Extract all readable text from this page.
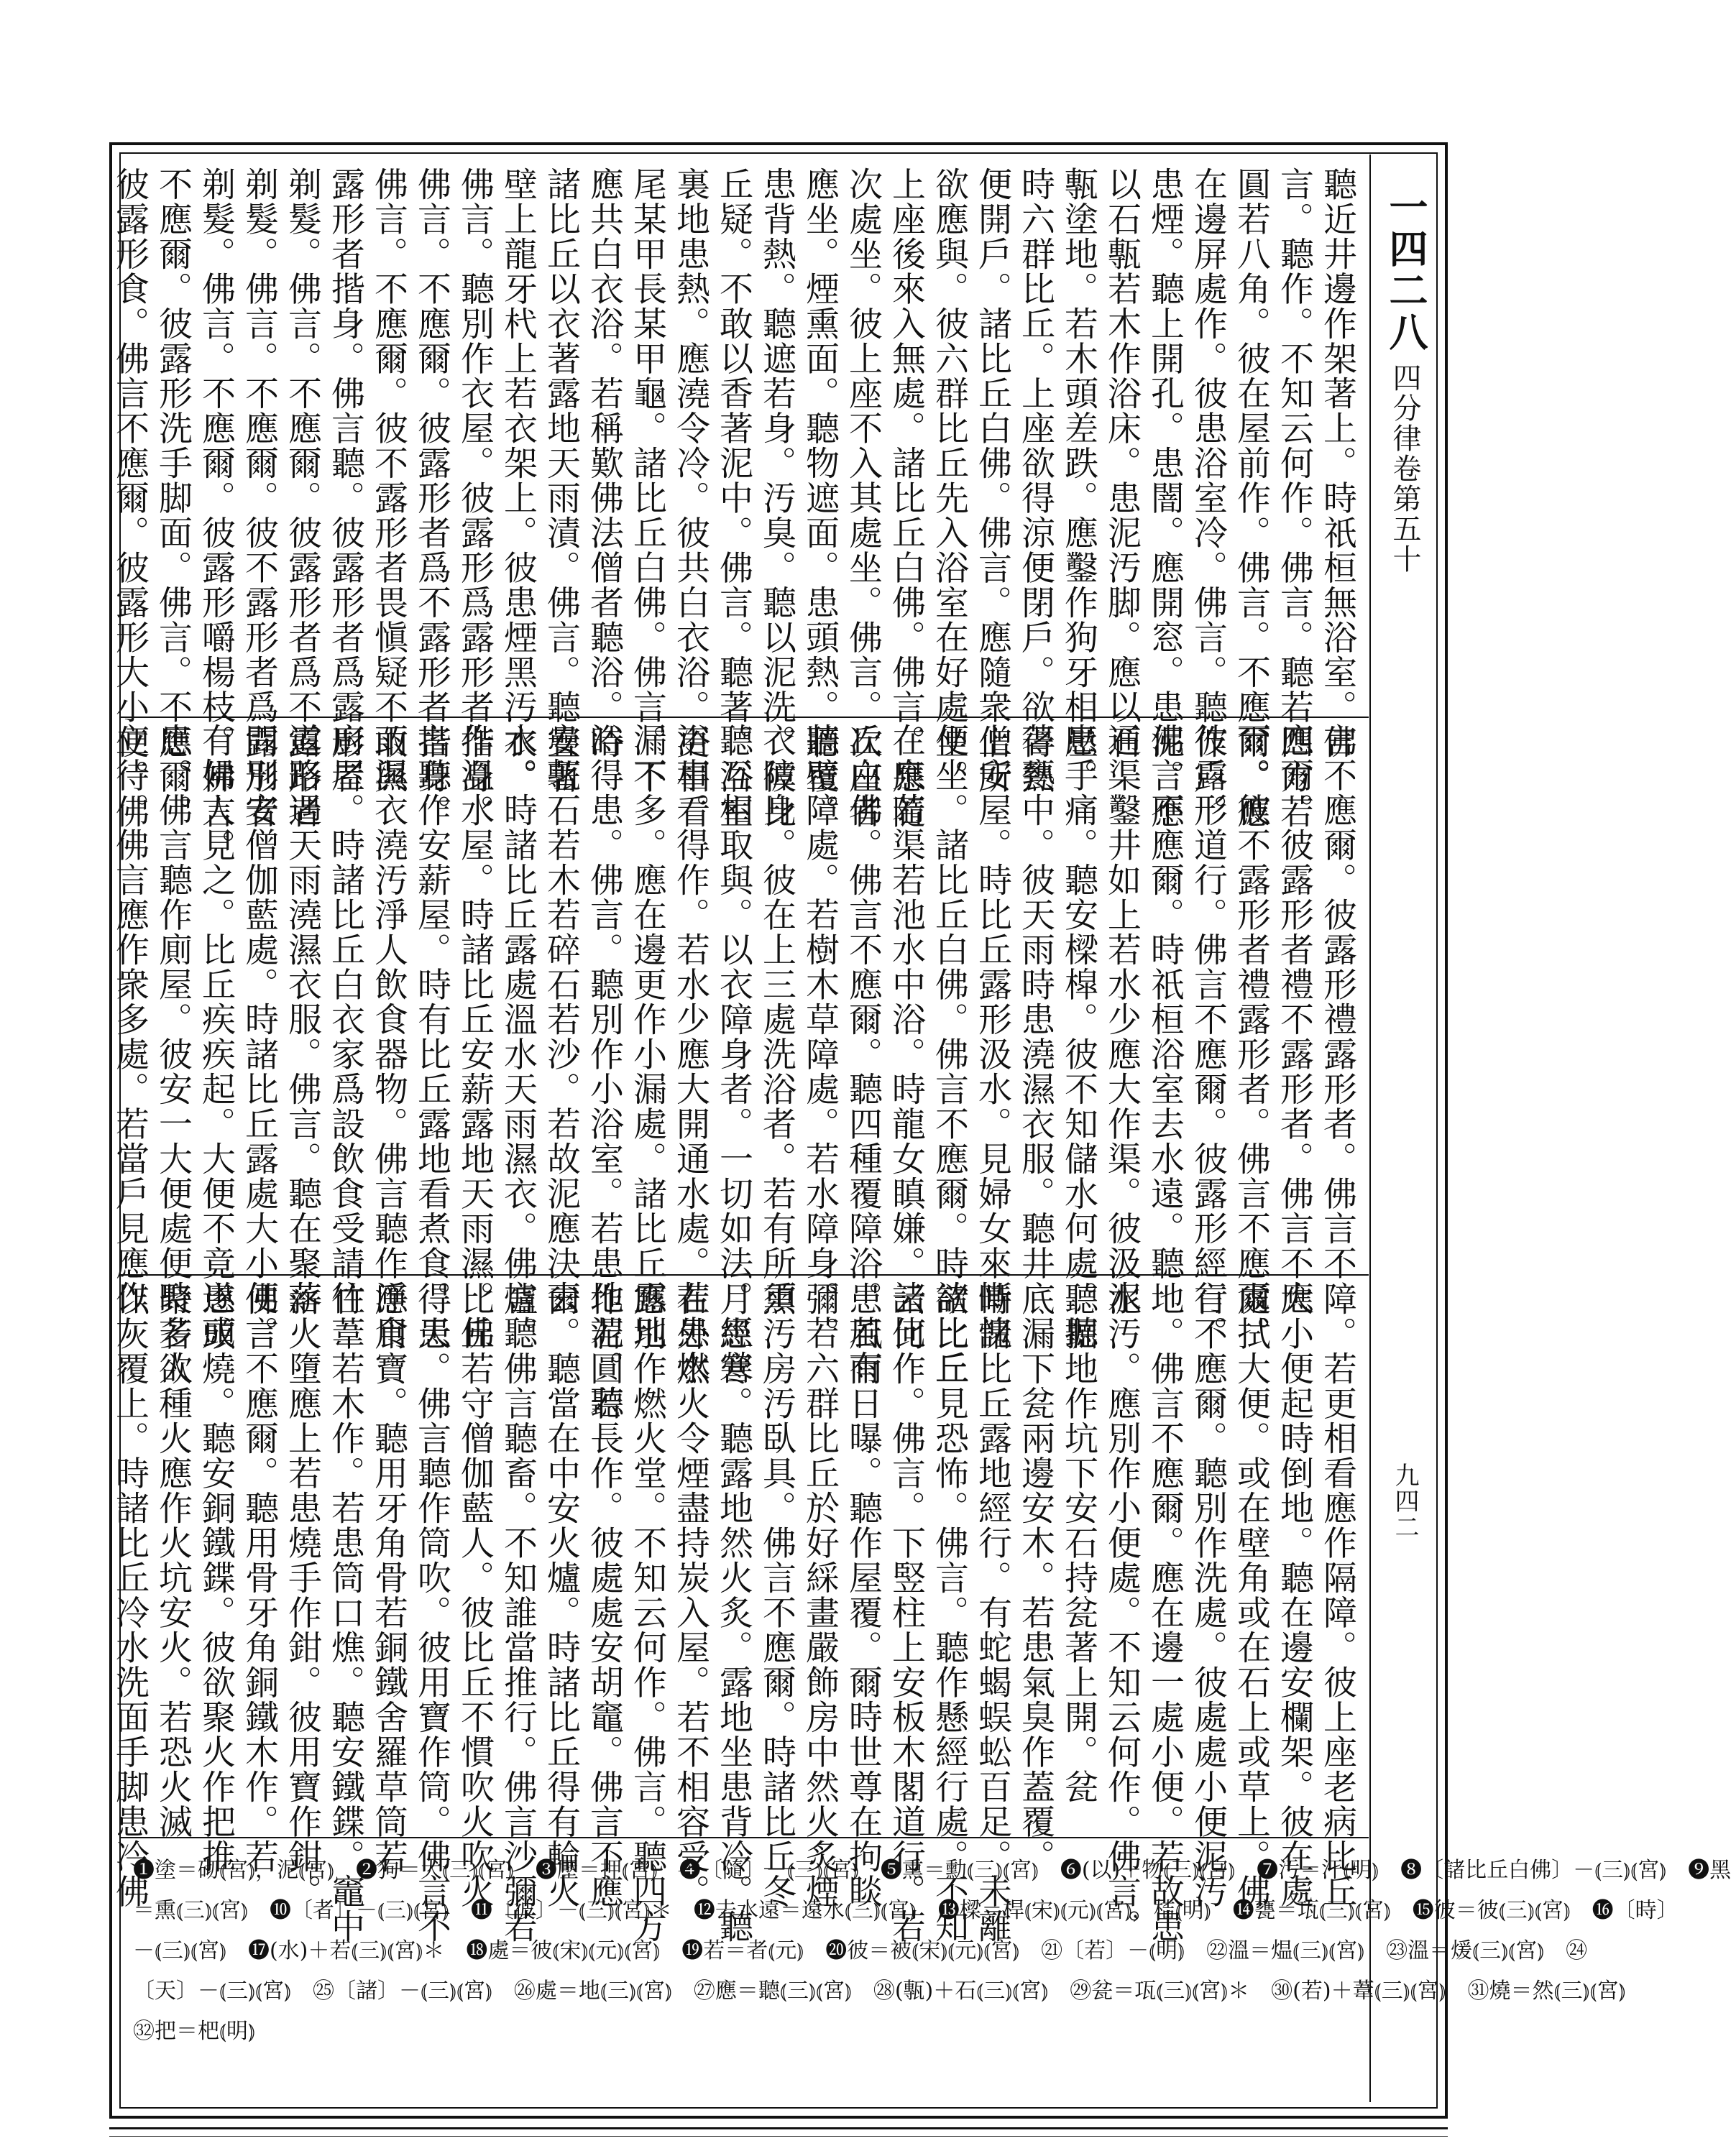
一四二八
四分律卷第五十
九四二
聽近井邊作架著上。時祇桓無浴室。佛
言。聽作。不知云何作。佛言。聽若四方若
圓若八角。彼在屋前作。佛言。不應爾。應
在邊屏處作。彼患浴室冷。佛言。聽作戶。
患煙。聽上開孔。患闇。應開窓。患泥。應
以石甎若木作浴床。患泥汚脚。應以石
甎塗地。若木頭差跌。應鑿作狗牙相壓。
時六群比丘。上座欲得涼便閉戶。欲得熱
便開戶。諸比丘白佛。佛言。應隨衆僧所
欲應與。彼六群比丘先入浴室在好處坐。
上座後來入無處。諸比丘白佛。佛言。應隨
次處坐。彼上座不入其處坐。佛言。次座者
應坐。煙熏面。聽物遮面。患頭熱。聽覆。
患背熱。聽遮若身。汚臭。聽以泥洗。彼比
丘疑。不敢以香著泥中。佛言。聽著。浴室
裏地患熱。應澆令冷。彼共白衣浴。更相看
尾某甲長某甲龜。諸比丘白佛。佛言。不
應共白衣浴。若稱歎佛法僧者聽浴。時
諸比丘以衣著露地天雨漬。佛言。聽疊著
壁上龍牙杙上若衣架上。彼患煙黑汚衣。
佛言。聽別作衣屋。彼露形爲露形者揩身。
佛言。不應爾。彼露形者爲不露形者揩身。
佛言。不應爾。彼不露形者畏愼疑不敢與
露形者揩身。佛言聽。彼露形者爲露形者
剃髮。佛言。不應爾。彼露形者爲不露形者
剃髮。佛言。不應爾。彼不露形者爲露形者
剃髮。佛言。不應爾。彼露形嚼楊枝。佛言。
不應爾。彼露形洗手脚面。佛言。不應爾。
彼露形食。佛言不應爾。彼露形大小便。佛
言不應爾。彼露形禮露形者。佛言不
應爾。彼露形者禮不露形者。佛言不應
爾。彼不露形者禮露形者。佛言不應爾。
彼露形道行。佛言不應爾。彼露形經行。
佛言不應爾。時祇桓浴室去水遠。聽
通渠鑿井如上若水少應大作渠。彼汲水
患手痛。聽安樑槹。彼不知儲水何處。聽
著甕中。彼天雨時患澆濕衣服。聽井
上安屋。時比丘露形汲水。見婦女來慚愧
便坐。諸比丘白佛。佛言不應爾。時諸比丘
在泉若渠若池水中浴。時龍女瞋嫌。諸比
丘白佛。佛言不應爾。聽四種覆障浴。若有
牆壁障處。若樹木草障處。若水障身。若
衣障身。彼在上三處洗浴者。若有所須
聽互相取與。以衣障身者。一切如法。經營
浴事。得作。若水少應大開通水處。若患水
漏下多。應在邊更作小漏處。諸比丘露地
浴得患。佛言。聽別作小浴室。若患地泥。聽
安甎石若木若碎石若沙。若故泥應決去
水。時諸比丘露處溫水天雨濕衣。佛言聽
作溫水屋。時諸比丘安薪露地天雨濕。佛
言聽作安薪屋。時有比丘露地看煮食。天
雨濕衣澆汚淨人飲食器物。佛言聽作淨食
廚屋。時諸比丘白衣家爲設飲食受請往
道路遇天雨澆濕衣服。佛言。聽在聚落
間別安僧伽藍處。時諸比丘露處大小便。
有婦人見之。比丘疾疾起。大便不竟遂成
患。佛言聽作廁屋。彼安一大便處便時多人
立待。佛言應作衆多處。若當戶見應作
障。若更相看應作隔障。彼上座老病比丘
大小便起時倒地。聽在邊安欄架。彼在處
處拭大便。或在壁角或在石上或草上。佛
言不應爾。聽別作洗處。彼處處小便泥汚
地。佛言不應爾。應在邊一處小便。若故患
泥汚。應別作小便處。不知云何作。佛言。
聽掘地作坑下安石持瓫著上開。瓫
底漏下瓫兩邊安木。若患氣臭作蓋覆。
時諸比丘露地經行。有蛇蝎蜈蚣百足。未離
欲比丘見恐怖。佛言。聽作懸經行處。不知
云何作。佛言。下竪柱上安板木閣道行。若
患風雨日曝。聽作屋覆。爾時世尊在拘睒
彌。六群比丘於好綵畫嚴飾房中然火炙煙
熏汚房汚臥具。佛言不應爾。時諸比丘冬
月患寒。聽露地然火炙。露地坐患背冷。聽
在外燃火令煙盡持炭入屋。若不相容受。
應別作燃火堂。不知云何作。佛言。聽四方
作若圓若長作。彼處處安胡竈。佛言不應
爾。聽當在中安火爐。時諸比丘得有輪火
爐。佛言聽畜。不知誰當推行。佛言沙彌若
比丘若守僧伽藍人。彼比丘不慣吹火吹火
得患。佛言聽作筒吹。彼用寶作筒。佛言不
應用寶。聽用牙角骨若銅鐵舍羅草筒若
竹葦若木作。若患筒口燋。聽安鐵鍱。竈中
薪火墮應上若患燒手作鉗。彼用寶作鉗。
佛言不應爾。聽用骨牙角銅鐵木作。若
患頭燒。聽安銅鐵鍱。彼欲聚火作把推
聚若欲種火應作火坑安火。若恐火滅
以灰覆上。時諸比丘冷水洗面手脚患冷佛

❶塗＝砌⦅宮⦆，泥⦅宮⦆　❷狗＝犬⦅三⦆⦅宮⦆　❸壓＝押⦅宮⦆　❹〔隨〕－⦅三⦆⦅宮⦆　❺熏＝勳⦅三⦆⦅宮⦆　❻(以)＋物⦅三⦆⦅宮⦆　❼汚＝汗⦅明⦆　❽〔諸比丘白佛〕－⦅三⦆⦅宮⦆　❾黑

＝熏⦅三⦆⦅宮⦆　❿〔者〕－⦅三⦆⦅宮⦆　⓫〔彼〕－⦅三⦆⦅宮⦆＊　⓬去水遠＝遠水⦅三⦆⦅宮⦆　⓭樑＝桿⦅宋⦆⦅元⦆⦅宮⦆，桔⦅明⦆　⓮甕＝瓨⦅三⦆⦅宮⦆　⓯彼＝彼⦅三⦆⦅宮⦆　⓰〔時〕

－⦅三⦆⦅宮⦆　⓱(水)＋若⦅三⦆⦅宮⦆＊　⓲處＝彼⦅宋⦆⦅元⦆⦅宮⦆　⓳若＝者⦅元⦆　⓴彼＝被⦅宋⦆⦅元⦆⦅宮⦆　㉑〔若〕－⦅明⦆　㉒溫＝煴⦅三⦆⦅宮⦆　㉓溫＝煖⦅三⦆⦅宮⦆　㉔

〔天〕－⦅三⦆⦅宮⦆　㉕〔諸〕－⦅三⦆⦅宮⦆　㉖處＝地⦅三⦆⦅宮⦆　㉗應＝聽⦅三⦆⦅宮⦆　㉘(甎)＋石⦅三⦆⦅宮⦆　㉙瓫＝瓨⦅三⦆⦅宮⦆＊　㉚(若)＋葦⦅三⦆⦅宮⦆　㉛燒＝然⦅三⦆⦅宮⦆

㉜把＝杷⦅明⦆
